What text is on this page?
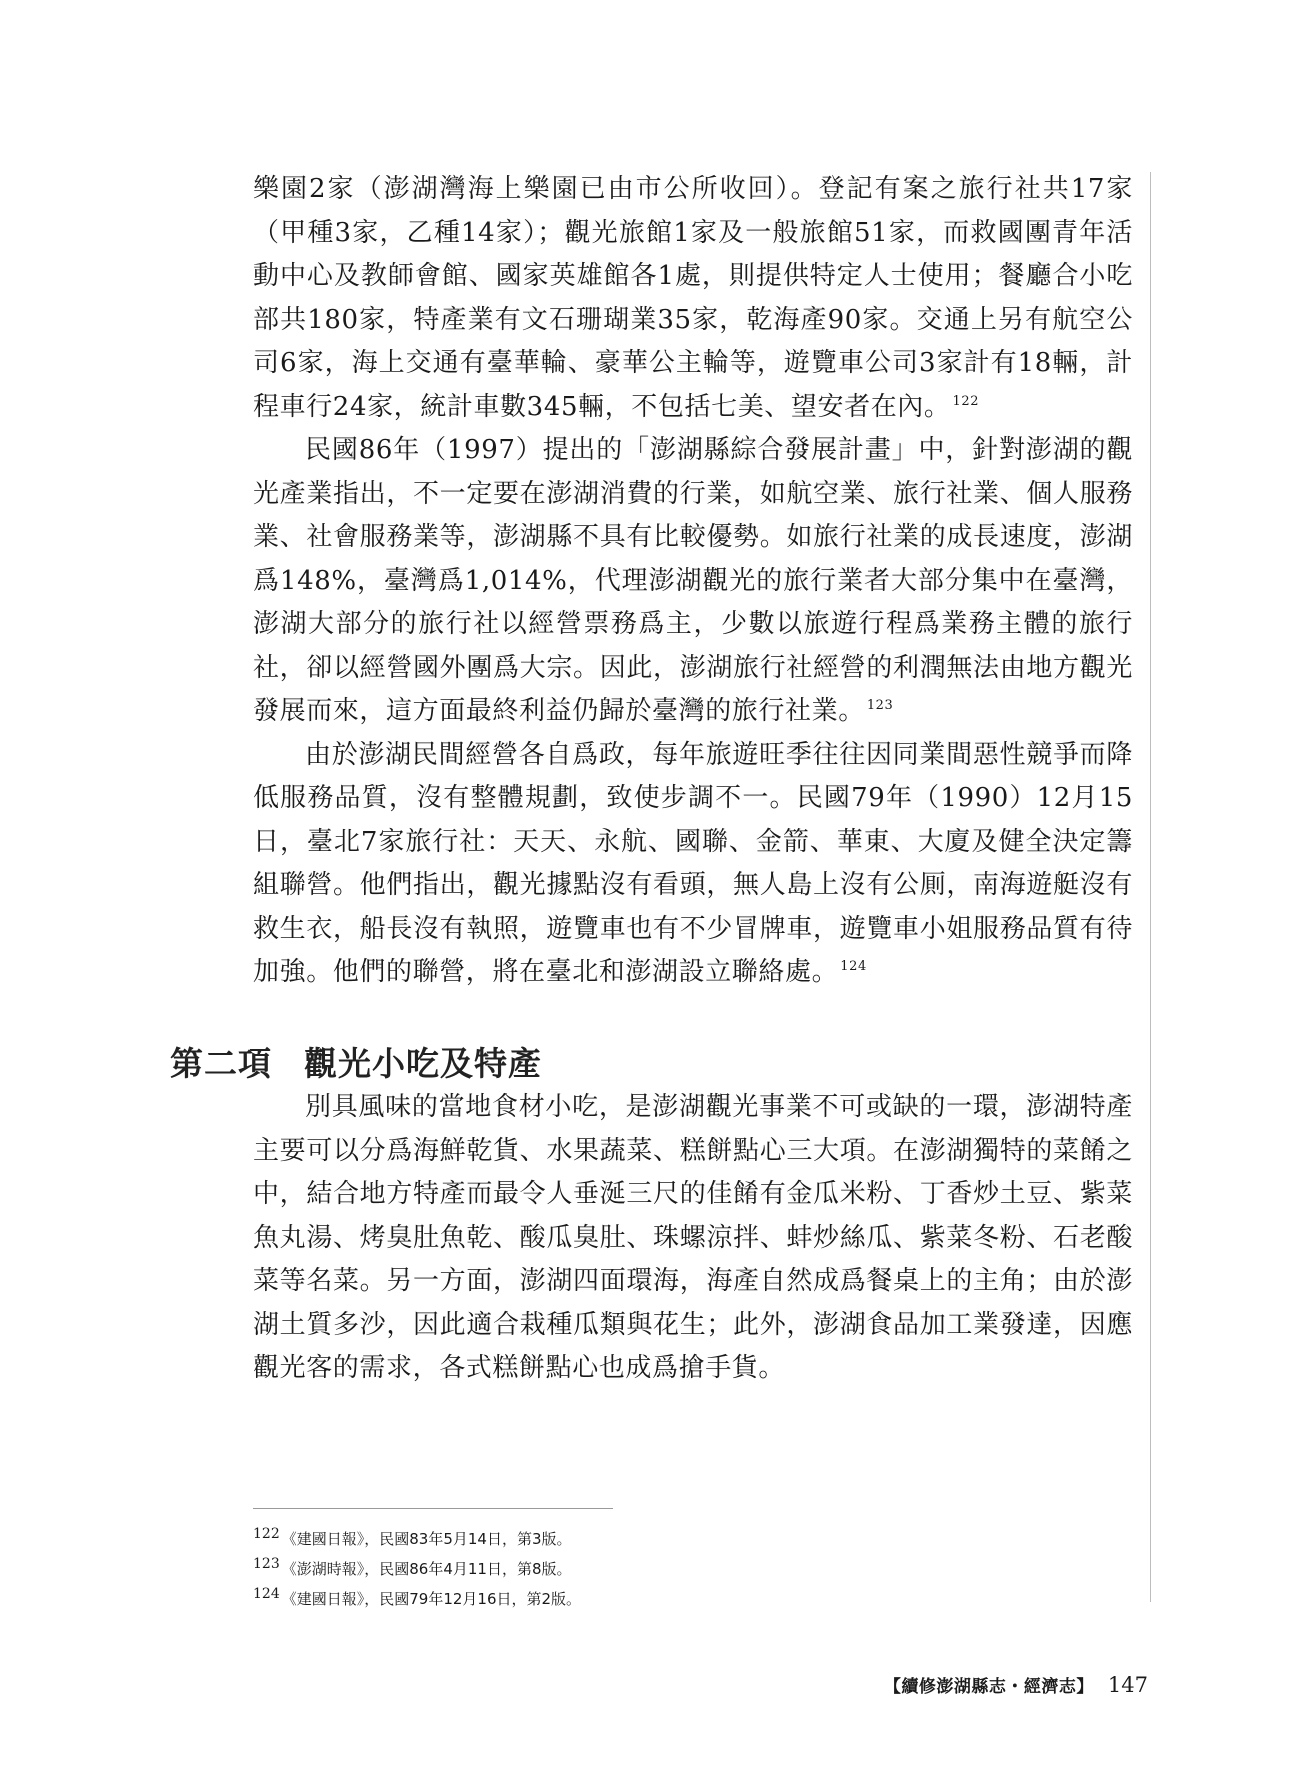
樂園2家（澎湖灣海上樂園已由市公所收回）。登記有案之旅行社共17家（甲種3家，乙種14家）；觀光旅館1家及一般旅館51家，而救國團青年活動中心及教師會館、國家英雄館各1處，則提供特定人士使用；餐廳合小吃部共180家，特產業有文石珊瑚業35家，乾海產90家。交通上另有航空公司6家，海上交通有臺華輪、豪華公主輪等，遊覽車公司3家計有18輛，計程車行24家，統計車數345輛，不包括七美、望安者在內。 $^{122}$

民國86年（1997）提出的「澎湖縣綜合發展計畫」中，針對澎湖的觀光產業指出，不一定要在澎湖消費的行業，如航空業、旅行社業、個人服務業、社會服務業等，澎湖縣不具有比較優勢。如旅行社業的成長速度，澎湖爲148%，臺灣爲1,014%，代理澎湖觀光的旅行業者大部分集中在臺灣，澎湖大部分的旅行社以經營票務爲主，少數以旅遊行程爲業務主體的旅行社，卻以經營國外團爲大宗。因此，澎湖旅行社經營的利潤無法由地方觀光發展而來，這方面最終利益仍歸於臺灣的旅行社業。 $^{123}$

由於澎湖民間經營各自爲政，每年旅遊旺季往往因同業間惡性競爭而降低服務品質，沒有整體規劃，致使步調不一。民國79年（1990）12月15日，臺北7家旅行社：天天、永航、國聯、金箭、華東、大廈及健全決定籌組聯營。他們指出，觀光據點沒有看頭，無人島上沒有公厠，南海遊艇沒有救生衣，船長沒有執照，遊覽車也有不少冒牌車，遊覽車小姐服務品質有待加強。他們的聯營，將在臺北和澎湖設立聯絡處。 $^{124}$

第二項 觀光小吃及特產

別具風味的當地食材小吃，是澎湖觀光事業不可或缺的一環，澎湖特產主要可以分爲海鮮乾貨、水果蔬菜、糕餅點心三大項。在澎湖獨特的菜餚之中，結合地方特產而最令人垂涎三尺的佳餚有金瓜米粉、丁香炒土豆、紫菜魚丸湯、烤臭肚魚乾、酸瓜臭肚、珠螺涼拌、蚌炒絲瓜、紫菜冬粉、石老酸菜等名菜。另一方面，澎湖四面環海，海產自然成爲餐桌上的主角；由於澎湖土質多沙，因此適合栽種瓜類與花生；此外，澎湖食品加工業發達，因應觀光客的需求，各式糕餅點心也成爲搶手貨。

122 《建國日報》，民國83年5月14日，第3版。

123 《澎湖時報》，民國86年4月11日，第8版。

124 《建國日報》，民國79年12月16日，第2版。

【續修澎湖縣志・經濟志】 147
